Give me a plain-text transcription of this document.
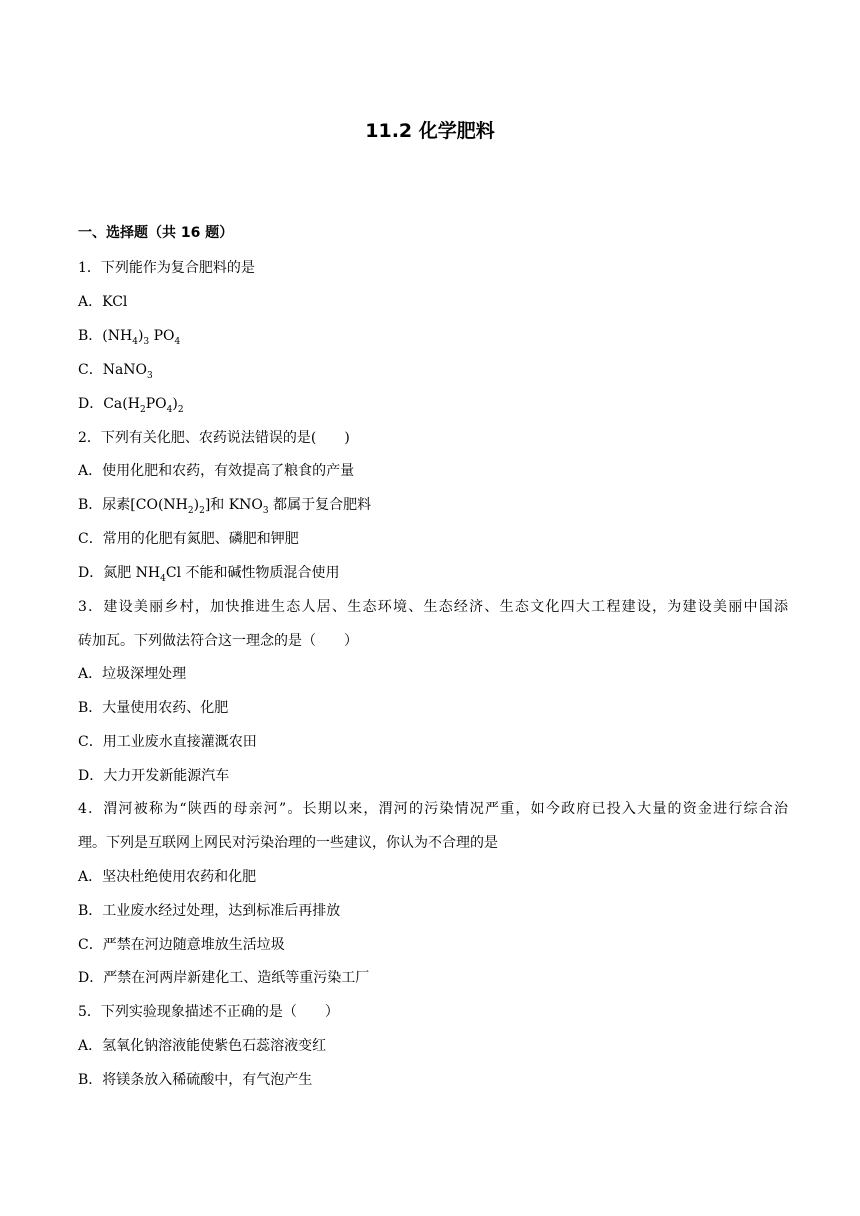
11.2 化学肥料
一、选择题（共 16 题）
1．下列能作为复合肥料的是
A．KCl
B．$(NH_4)_3$ $PO_4$
C．NaNO$_3$
D．$Ca(H_2PO_4)_2$
2．下列有关化肥、农药说法错误的是(　　)
A．使用化肥和农药，有效提高了粮食的产量
B．尿素$[CO(NH_2)_2]$和 $KNO_3$ 都属于复合肥料
C．常用的化肥有氮肥、磷肥和钾肥
D．氮肥 $NH_4Cl$ 不能和碱性物质混合使用
3．建设美丽乡村，加快推进生态人居、生态环境、生态经济、生态文化四大工程建设，为建设美丽中国添
砖加瓦。下列做法符合这一理念的是（　　）
A．垃圾深埋处理
B．大量使用农药、化肥
C．用工业废水直接灌溉农田
D．大力开发新能源汽车
4．渭河被称为“陕西的母亲河”。长期以来，渭河的污染情况严重，如今政府已投入大量的资金进行综合治
理。下列是互联网上网民对污染治理的一些建议，你认为不合理的是
A．坚决杜绝使用农药和化肥
B．工业废水经过处理，达到标准后再排放
C．严禁在河边随意堆放生活垃圾
D．严禁在河两岸新建化工、造纸等重污染工厂
5．下列实验现象描述不正确的是（　　）
A．氢氧化钠溶液能使紫色石蕊溶液变红
B．将镁条放入稀硫酸中，有气泡产生
